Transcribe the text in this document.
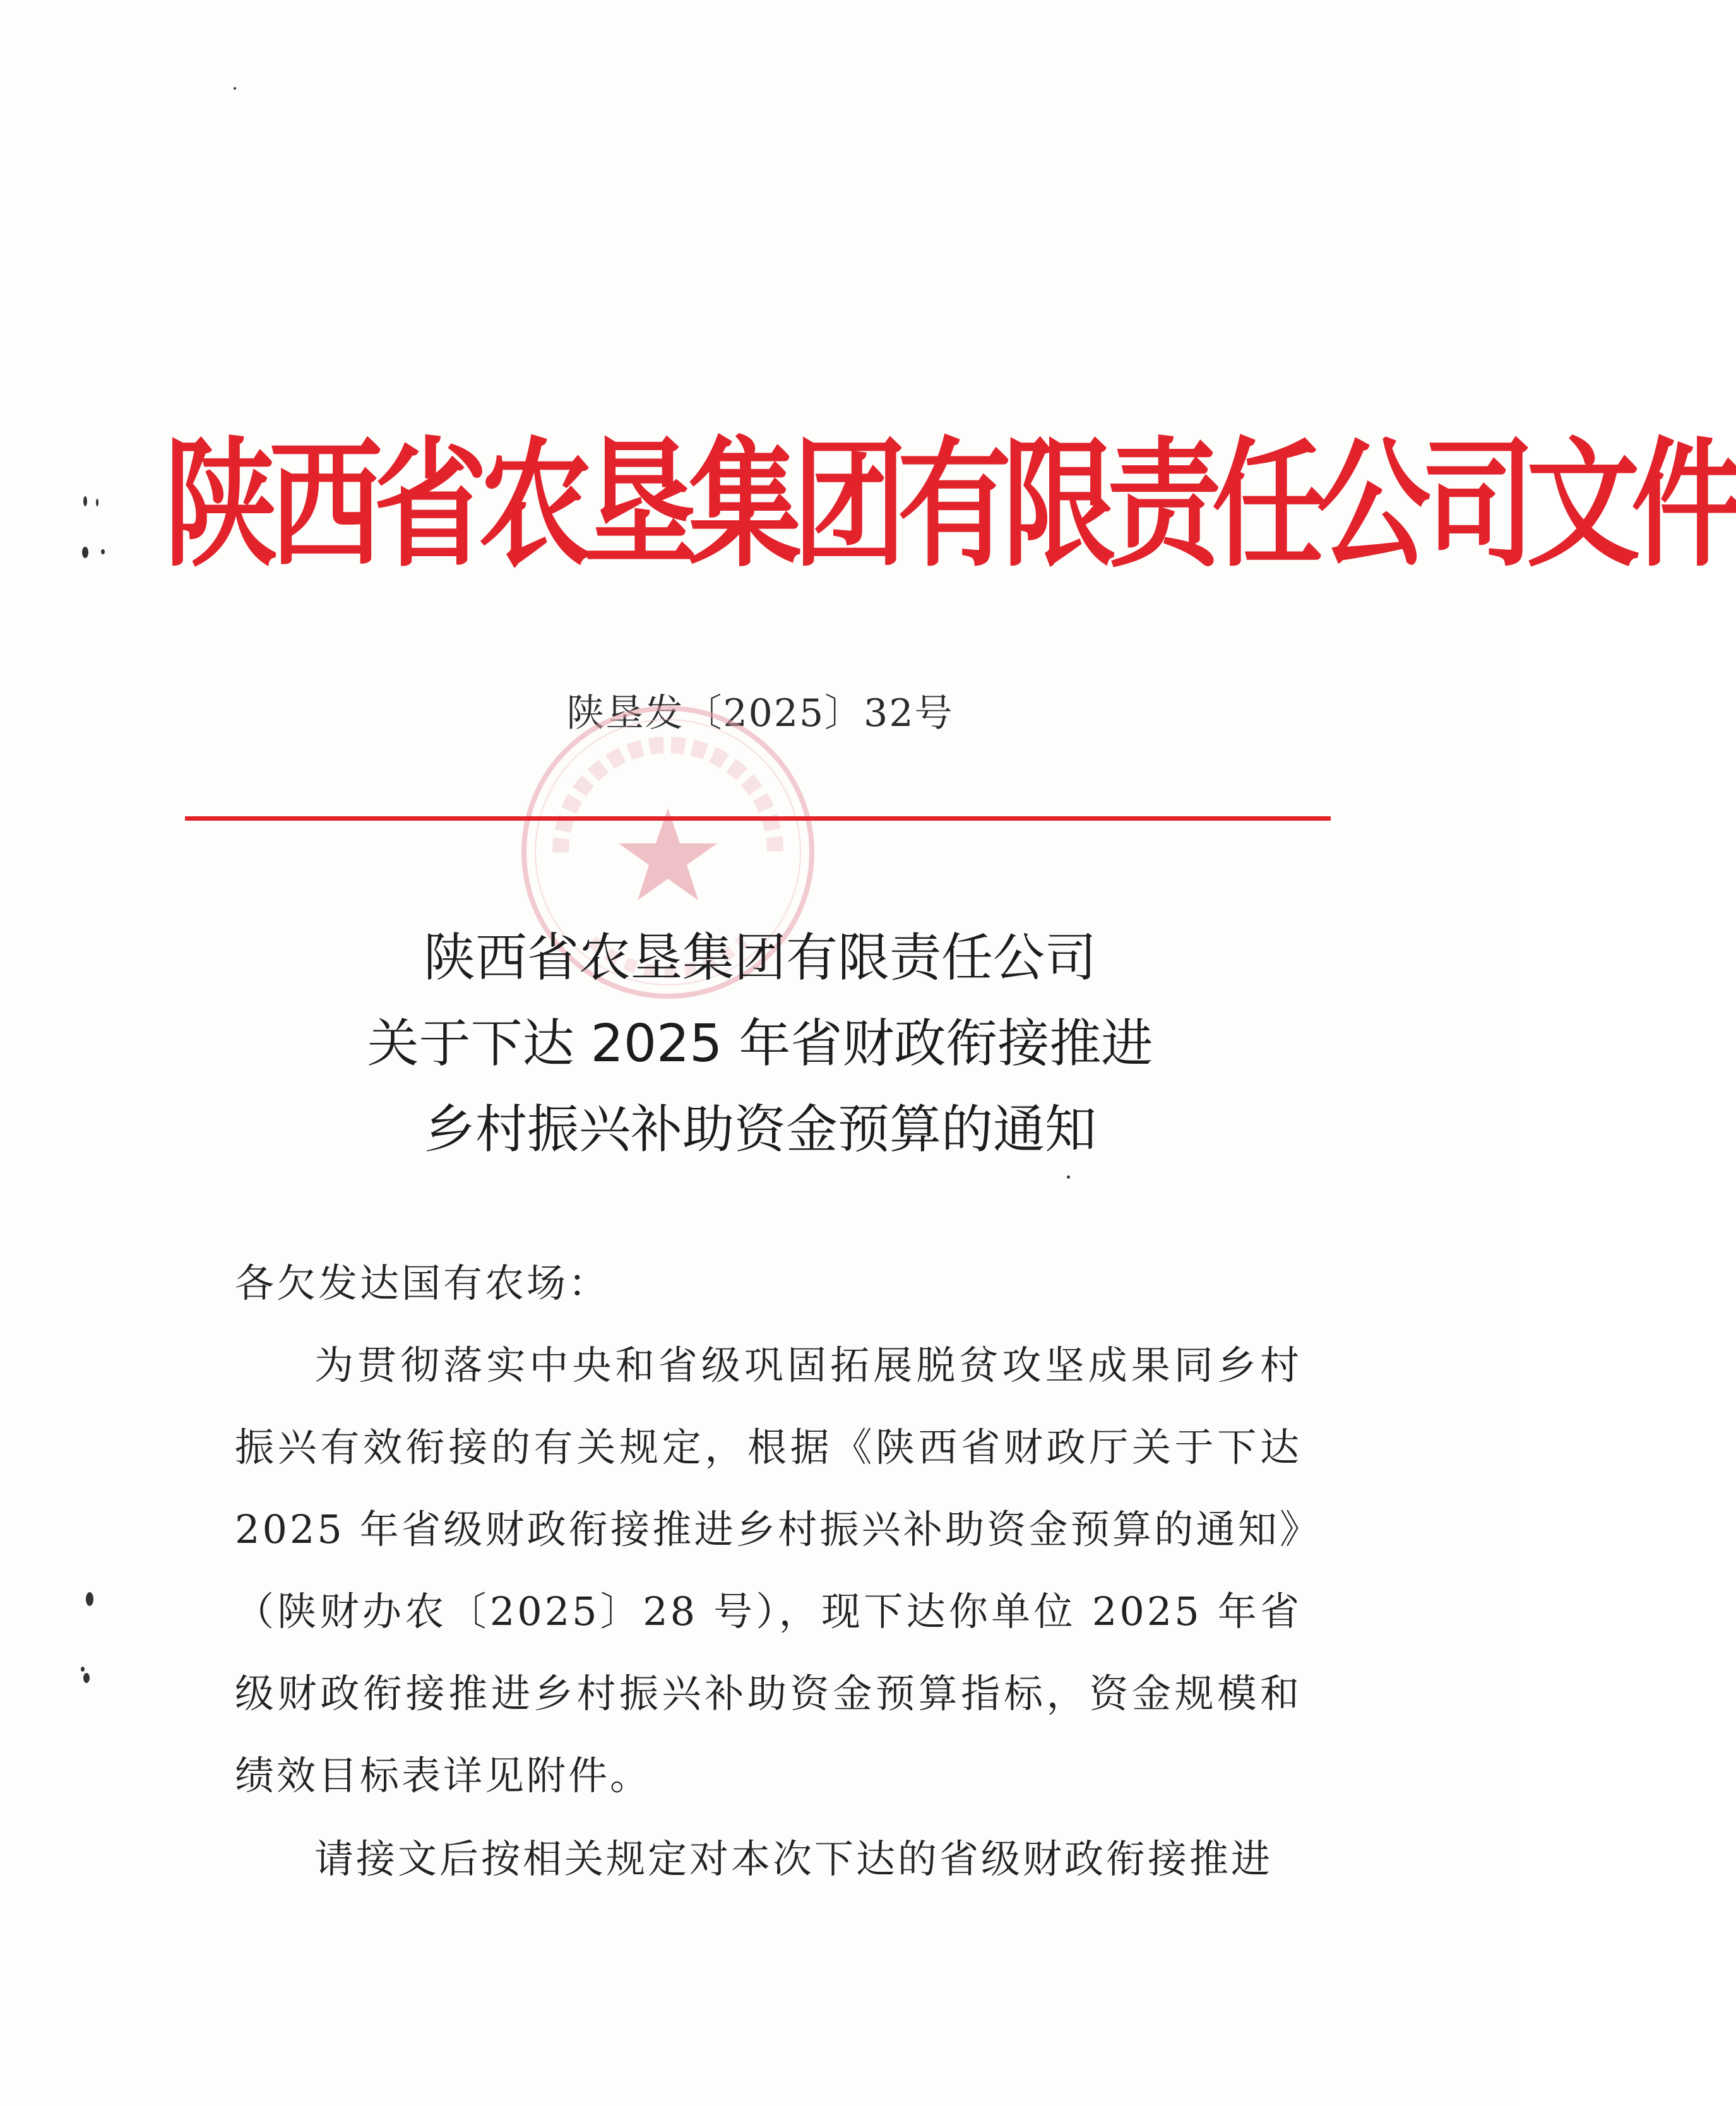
陕西省农垦集团有限责任公司文件
陕垦发〔2025〕32号
陕西省农垦集团有限责任公司
关于下达 2025 年省财政衔接推进
乡村振兴补助资金预算的通知
各欠发达国有农场：

为贯彻落实中央和省级巩固拓展脱贫攻坚成果同乡村振兴有效衔接的有关规定，根据《陕西省财政厅关于下达2025 年省级财政衔接推进乡村振兴补助资金预算的通知》（陕财办农〔2025〕28 号），现下达你单位 2025 年省级财政衔接推进乡村振兴补助资金预算指标，资金规模和绩效目标表详见附件。

请接文后按相关规定对本次下达的省级财政衔接推进
